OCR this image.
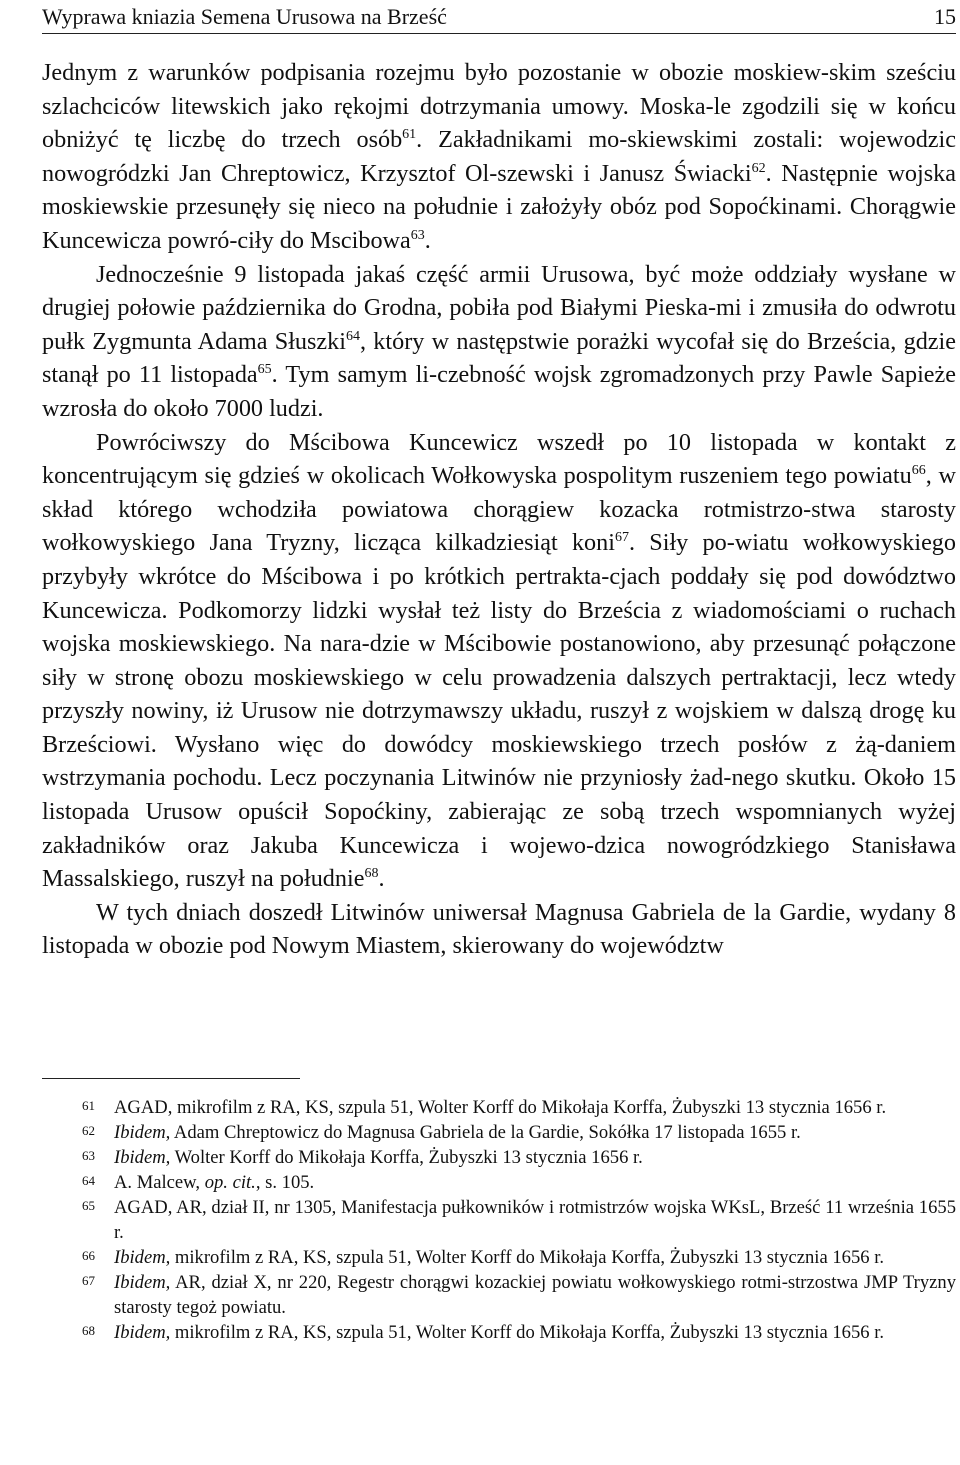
Wyprawa kniazia Semena Urusowa na Brześć	15

Jednym z warunków podpisania rozejmu było pozostanie w obozie moskiew-skim sześciu szlachciców litewskich jako rękojmi dotrzymania umowy. Moska-le zgodzili się w końcu obniżyć tę liczbę do trzech osób$^{61}$. Zakładnikami mo-skiewskimi zostali: wojewodzic nowogródzki Jan Chreptowicz, Krzysztof Ol-szewski i Janusz Świacki$^{62}$. Następnie wojska moskiewskie przesunęły się nieco na południe i założyły obóz pod Sopoćkinami. Chorągwie Kuncewicza powró-ciły do Mscibowa$^{63}$.

Jednocześnie 9 listopada jakaś część armii Urusowa, być może oddziały wysłane w drugiej połowie października do Grodna, pobiła pod Białymi Pieska-mi i zmusiła do odwrotu pułk Zygmunta Adama Słuszki$^{64}$, który w następstwie porażki wycofał się do Brześcia, gdzie stanął po 11 listopada$^{65}$. Tym samym li-czebność wojsk zgromadzonych przy Pawle Sapieże wzrosła do około 7000 ludzi.

Powróciwszy do Mścibowa Kuncewicz wszedł po 10 listopada w kontakt z koncentrującym się gdzieś w okolicach Wołkowyska pospolitym ruszeniem tego powiatu$^{66}$, w skład którego wchodziła powiatowa chorągiew kozacka rotmistrzo-stwa starosty wołkowyskiego Jana Tryzny, licząca kilkadziesiąt koni$^{67}$. Siły po-wiatu wołkowyskiego przybyły wkrótce do Mścibowa i po krótkich pertrakta-cjach poddały się pod dowództwo Kuncewicza. Podkomorzy lidzki wysłał też listy do Brześcia z wiadomościami o ruchach wojska moskiewskiego. Na nara-dzie w Mścibowie postanowiono, aby przesunąć połączone siły w stronę obozu moskiewskiego w celu prowadzenia dalszych pertraktacji, lecz wtedy przyszły nowiny, iż Urusow nie dotrzymawszy układu, ruszył z wojskiem w dalszą drogę ku Brześciowi. Wysłano więc do dowódcy moskiewskiego trzech posłów z żą-daniem wstrzymania pochodu. Lecz poczynania Litwinów nie przyniosły żad-nego skutku. Około 15 listopada Urusow opuścił Sopoćkiny, zabierając ze sobą trzech wspomnianych wyżej zakładników oraz Jakuba Kuncewicza i wojewo-dzica nowogródzkiego Stanisława Massalskiego, ruszył na południe$^{68}$.

W tych dniach doszedł Litwinów uniwersał Magnusa Gabriela de la Gardie, wydany 8 listopada w obozie pod Nowym Miastem, skierowany do województw

61 AGAD, mikrofilm z RA, KS, szpula 51, Wolter Korff do Mikołaja Korffa, Żubyszki 13 stycznia 1656 r.
62 Ibidem, Adam Chreptowicz do Magnusa Gabriela de la Gardie, Sokółka 17 listopada 1655 r.
63 Ibidem, Wolter Korff do Mikołaja Korffa, Żubyszki 13 stycznia 1656 r.
64 A. Malcew, op. cit., s. 105.
65 AGAD, AR, dział II, nr 1305, Manifestacja pułkowników i rotmistrzów wojska WKsL, Brześć 11 września 1655 r.
66 Ibidem, mikrofilm z RA, KS, szpula 51, Wolter Korff do Mikołaja Korffa, Żubyszki 13 stycznia 1656 r.
67 Ibidem, AR, dział X, nr 220, Regestr chorągwi kozackiej powiatu wołkowyskiego rotmi-strzostwa JMP Tryzny starosty tegoż powiatu.
68 Ibidem, mikrofilm z RA, KS, szpula 51, Wolter Korff do Mikołaja Korffa, Żubyszki 13 stycznia 1656 r.
